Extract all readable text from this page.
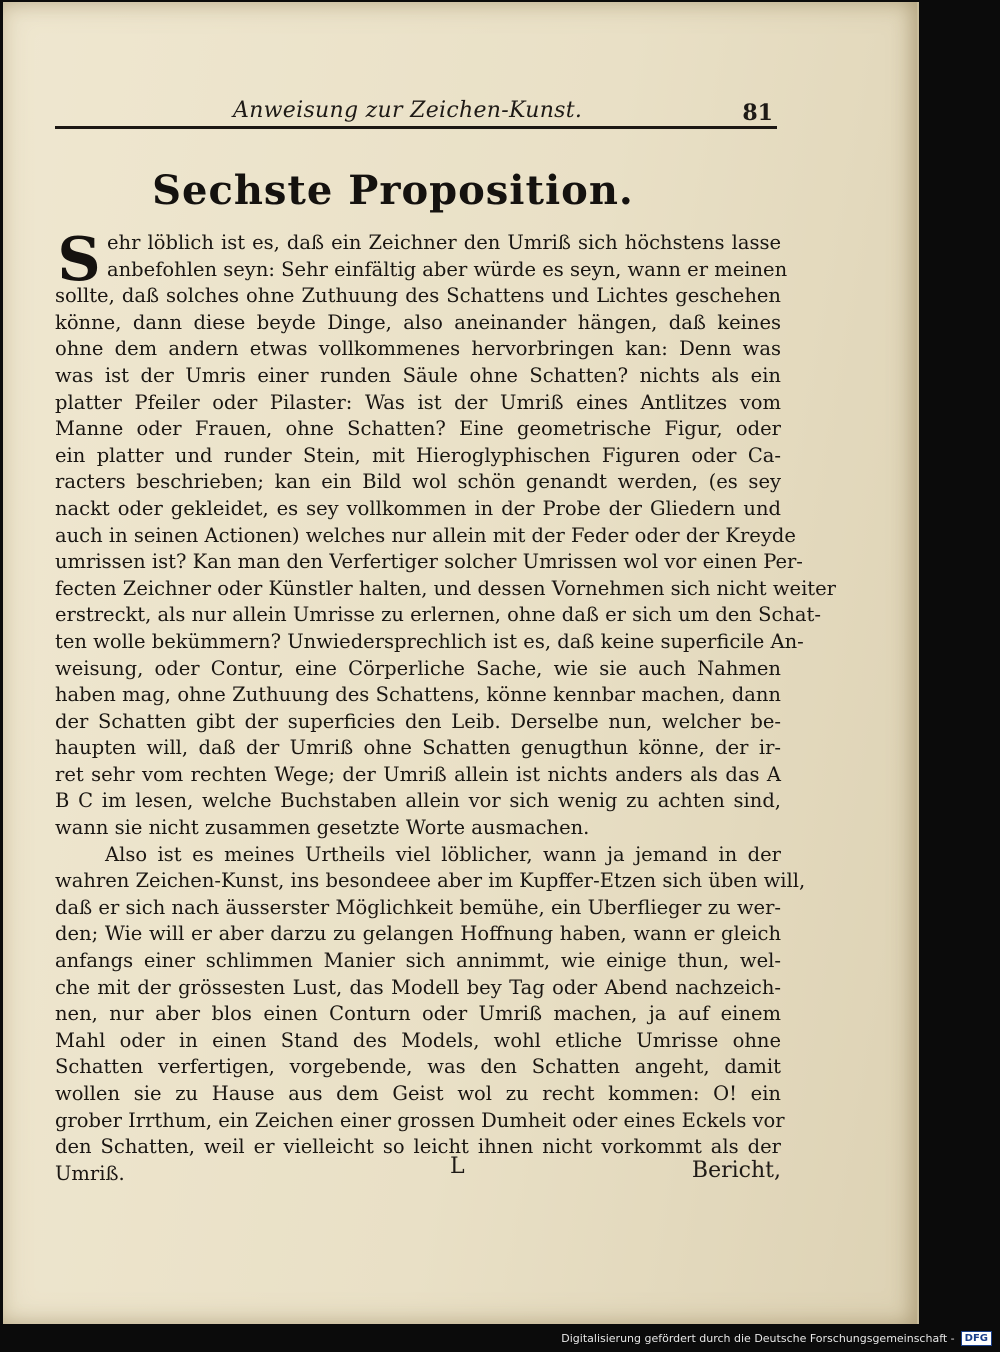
Anweisung zur Zeichen-Kunst.	81
Sechste Proposition.
S ehr löblich ist es, daß ein Zeichner den Umriß sich höchstens lasse
anbefohlen seyn: Sehr einfältig aber würde es seyn, wann er meinen
sollte, daß solches ohne Zuthuung des Schattens und Lichtes geschehen
könne, dann diese beyde Dinge, also aneinander hängen, daß keines
ohne dem andern etwas vollkommenes hervorbringen kan: Denn was
was ist der Umris einer runden Säule ohne Schatten? nichts als ein
platter Pfeiler oder Pilaster: Was ist der Umriß eines Antlitzes vom
Manne oder Frauen, ohne Schatten? Eine geometrische Figur, oder
ein platter und runder Stein, mit Hieroglyphischen Figuren oder Ca-
racters beschrieben; kan ein Bild wol schön genandt werden, (es sey
nackt oder gekleidet, es sey vollkommen in der Probe der Gliedern und
auch in seinen Actionen) welches nur allein mit der Feder oder der Kreyde
umrissen ist? Kan man den Verfertiger solcher Umrissen wol vor einen Per-
fecten Zeichner oder Künstler halten, und dessen Vornehmen sich nicht weiter
erstreckt, als nur allein Umrisse zu erlernen, ohne daß er sich um den Schat-
ten wolle bekümmern? Unwiedersprechlich ist es, daß keine superficile An-
weisung, oder Contur, eine Cörperliche Sache, wie sie auch Nahmen
haben mag, ohne Zuthuung des Schattens, könne kennbar machen, dann
der Schatten gibt der superficies den Leib. Derselbe nun, welcher be-
haupten will, daß der Umriß ohne Schatten genugthun könne, der ir-
ret sehr vom rechten Wege; der Umriß allein ist nichts anders als das A
B C im lesen, welche Buchstaben allein vor sich wenig zu achten sind,
wann sie nicht zusammen gesetzte Worte ausmachen.
Also ist es meines Urtheils viel löblicher, wann ja jemand in der
wahren Zeichen-Kunst, ins besondeee aber im Kupffer-Etzen sich üben will,
daß er sich nach äusserster Möglichkeit bemühe, ein Uberflieger zu wer-
den; Wie will er aber darzu zu gelangen Hoffnung haben, wann er gleich
anfangs einer schlimmen Manier sich annimmt, wie einige thun, wel-
che mit der grössesten Lust, das Modell bey Tag oder Abend nachzeich-
nen, nur aber blos einen Conturn oder Umriß machen, ja auf einem
Mahl oder in einen Stand des Models, wohl etliche Umrisse ohne
Schatten verfertigen, vorgebende, was den Schatten angeht, damit
wollen sie zu Hause aus dem Geist wol zu recht kommen: O! ein
grober Irrthum, ein Zeichen einer grossen Dumheit oder eines Eckels vor
den Schatten, weil er vielleicht so leicht ihnen nicht vorkommt als der
Umriß.	L	Bericht,
Digitalisierung gefördert durch die Deutsche Forschungsgemeinschaft -	DFG
